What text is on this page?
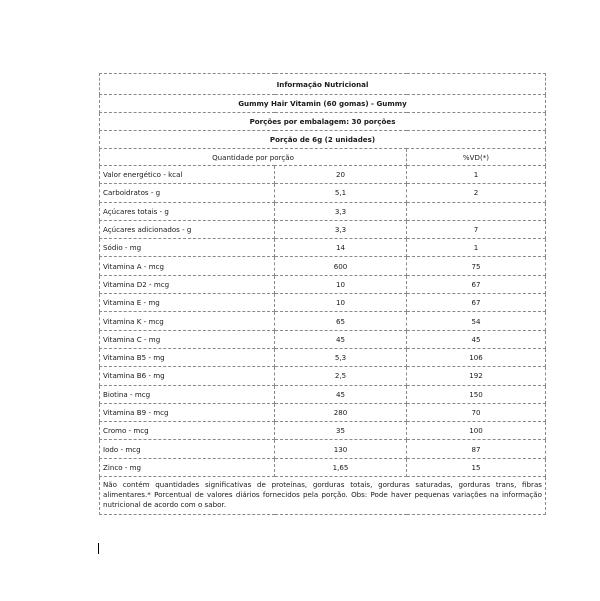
Informação Nutricional		
Gummy Hair Vitamin (60 gomas) - Gummy		
Porções por embalagem: 30 porções		
Porção de 6g (2 unidades)		
Quantidade por porção		%VD(*)
Valor energético - kcal	20	1
Carboidratos - g	5,1	2
Açúcares totais - g	3,3	
Açúcares adicionados - g	3,3	7
Sódio - mg	14	1
Vitamina A - mcg	600	75
Vitamina D2 - mcg	10	67
Vitamina E - mg	10	67
Vitamina K - mcg	65	54
Vitamina C - mg	45	45
Vitamina B5 - mg	5,3	106
Vitamina B6 - mg	2,5	192
Biotina - mcg	45	150
Vitamina B9 - mcg	280	70
Cromo - mcg	35	100
Iodo - mcg	130	87
Zinco - mg	1,65	15
Não contém quantidades significativas de proteínas, gorduras totais, gorduras saturadas, gorduras trans, fibras alimentares.* Porcentual de valores diários fornecidos pela porção. Obs: Pode haver pequenas variações na informação nutricional de acordo com o sabor.		
